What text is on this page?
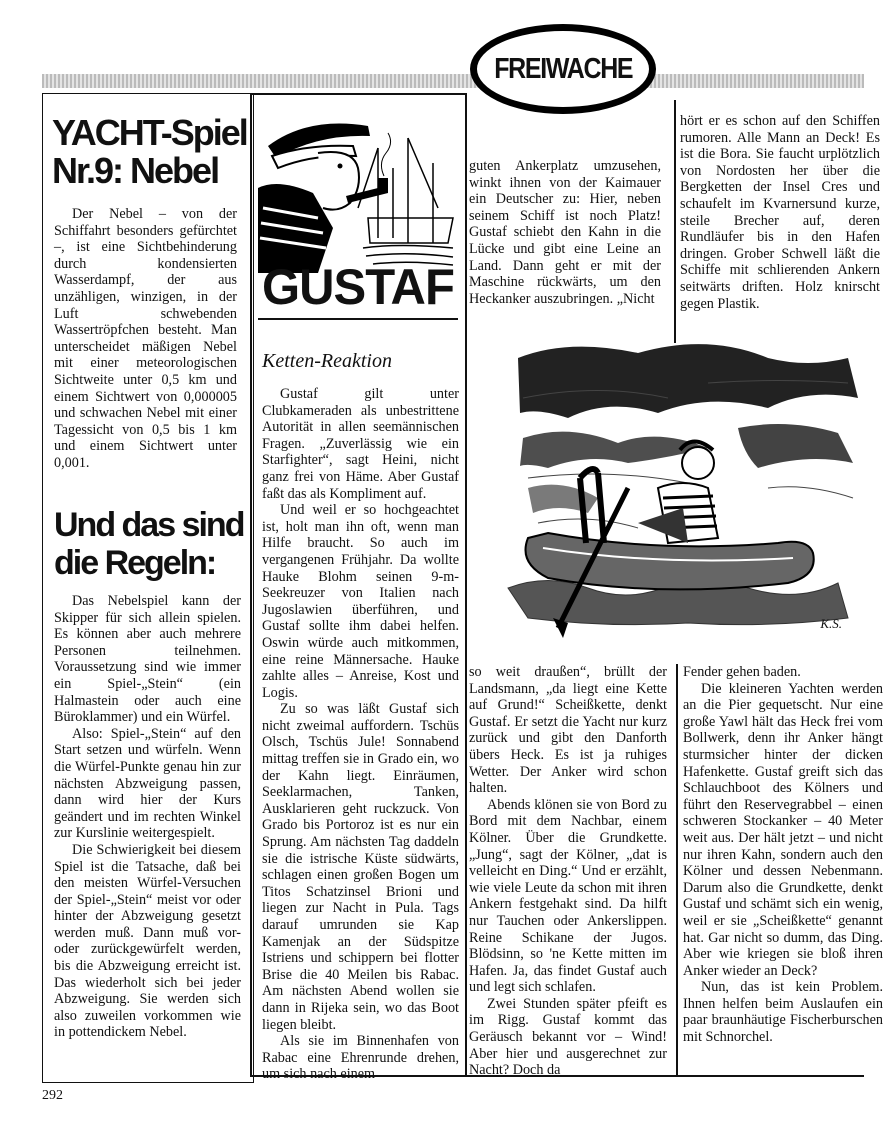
FREIWACHE
YACHT-Spiel Nr.9: Nebel

Der Nebel – von der Schiffahrt besonders gefürchtet –, ist eine Sichtbehinderung durch kondensierten Wasserdampf, der aus unzähligen, winzigen, in der Luft schwebenden Wassertröpfchen besteht. Man unterscheidet mäßigen Nebel mit einer meteorologischen Sichtweite unter 0,5 km und einem Sichtwert von 0,000005 und schwachen Nebel mit einer Tagessicht von 0,5 bis 1 km und einem Sichtwert unter 0,001.

Und das sind die Regeln:

Das Nebelspiel kann der Skipper für sich allein spielen. Es können aber auch mehrere Personen teilnehmen. Voraussetzung sind wie immer ein Spiel-„Stein“ (ein Halmastein oder auch eine Büroklammer) und ein Würfel.

Also: Spiel-„Stein“ auf den Start setzen und würfeln. Wenn die Würfel-Punkte genau hin zur nächsten Abzweigung passen, dann wird hier der Kurs geändert und im rechten Winkel zur Kurslinie weitergespielt.

Die Schwierigkeit bei diesem Spiel ist die Tatsache, daß bei den meisten Würfel-Versuchen der Spiel-„Stein“ meist vor oder hinter der Abzweigung gesetzt werden muß. Dann muß vor- oder zurückgewürfelt werden, bis die Abzweigung erreicht ist. Das wiederholt sich bei jeder Abzweigung. Sie werden sich also zuweilen vorkommen wie in pottendickem Nebel.

GUSTAF
Ketten-Reaktion

Gustaf gilt unter Clubkameraden als unbestrittene Autorität in allen seemännischen Fragen. „Zuverlässig wie ein Starfighter“, sagt Heini, nicht ganz frei von Häme. Aber Gustaf faßt das als Kompliment auf.

Und weil er so hochgeachtet ist, holt man ihn oft, wenn man Hilfe braucht. So auch im vergangenen Frühjahr. Da wollte Hauke Blohm seinen 9-m-Seekreuzer von Italien nach Jugoslawien überführen, und Gustaf sollte ihm dabei helfen. Oswin würde auch mitkommen, eine reine Männersache. Hauke zahlte alles – Anreise, Kost und Logis.

Zu so was läßt Gustaf sich nicht zweimal auffordern. Tschüs Olsch, Tschüs Jule! Sonnabend mittag treffen sie in Grado ein, wo der Kahn liegt. Einräumen, Seeklarmachen, Tanken, Ausklarieren geht ruckzuck. Von Grado bis Portoroz ist es nur ein Sprung. Am nächsten Tag daddeln sie die istrische Küste südwärts, schlagen einen großen Bogen um Titos Schatzinsel Brioni und liegen zur Nacht in Pula. Tags darauf umrunden sie Kap Kamenjak an der Südspitze Istriens und schippern bei flotter Brise die 40 Meilen bis Rabac. Am nächsten Abend wollen sie dann in Rijeka sein, wo das Boot liegen bleibt.

Als sie im Binnenhafen von Rabac eine Ehrenrunde drehen, um sich nach einem

guten Ankerplatz umzusehen, winkt ihnen von der Kaimauer ein Deutscher zu: Hier, neben seinem Schiff ist noch Platz! Gustaf schiebt den Kahn in die Lücke und gibt eine Leine an Land. Dann geht er mit der Maschine rückwärts, um den Heckanker auszubringen. „Nicht

hört er es schon auf den Schiffen rumoren. Alle Mann an Deck! Es ist die Bora. Sie faucht urplötzlich von Nordosten her über die Bergketten der Insel Cres und schaufelt im Kvarnersund kurze, steile Brecher auf, deren Rundläufer bis in den Hafen dringen. Grober Schwell läßt die Schiffe mit schlierenden Ankern seitwärts driften. Holz knirscht gegen Plastik.

K.S.

so weit draußen“, brüllt der Landsmann, „da liegt eine Kette auf Grund!“ Scheißkette, denkt Gustaf. Er setzt die Yacht nur kurz zurück und gibt den Danforth übers Heck. Es ist ja ruhiges Wetter. Der Anker wird schon halten.

Abends klönen sie von Bord zu Bord mit dem Nachbar, einem Kölner. Über die Grundkette. „Jung“, sagt der Kölner, „dat is velleicht en Ding.“ Und er erzählt, wie viele Leute da schon mit ihren Ankern festgehakt sind. Da hilft nur Tauchen oder Ankerslippen. Reine Schikane der Jugos. Blödsinn, so 'ne Kette mitten im Hafen. Ja, das findet Gustaf auch und legt sich schlafen.

Zwei Stunden später pfeift es im Rigg. Gustaf kommt das Geräusch bekannt vor – Wind! Aber hier und ausgerechnet zur Nacht? Doch da

Fender gehen baden.

Die kleineren Yachten werden an die Pier gequetscht. Nur eine große Yawl hält das Heck frei vom Bollwerk, denn ihr Anker hängt sturmsicher hinter der dicken Hafenkette. Gustaf greift sich das Schlauchboot des Kölners und führt den Reservegrabbel – einen schweren Stockanker – 40 Meter weit aus. Der hält jetzt – und nicht nur ihren Kahn, sondern auch den Kölner und dessen Nebenmann. Darum also die Grundkette, denkt Gustaf und schämt sich ein wenig, weil er sie „Scheißkette“ genannt hat. Gar nicht so dumm, das Ding. Aber wie kriegen sie bloß ihren Anker wieder an Deck?

Nun, das ist kein Problem. Ihnen helfen beim Auslaufen ein paar braunhäutige Fischerburschen mit Schnorchel.

292
